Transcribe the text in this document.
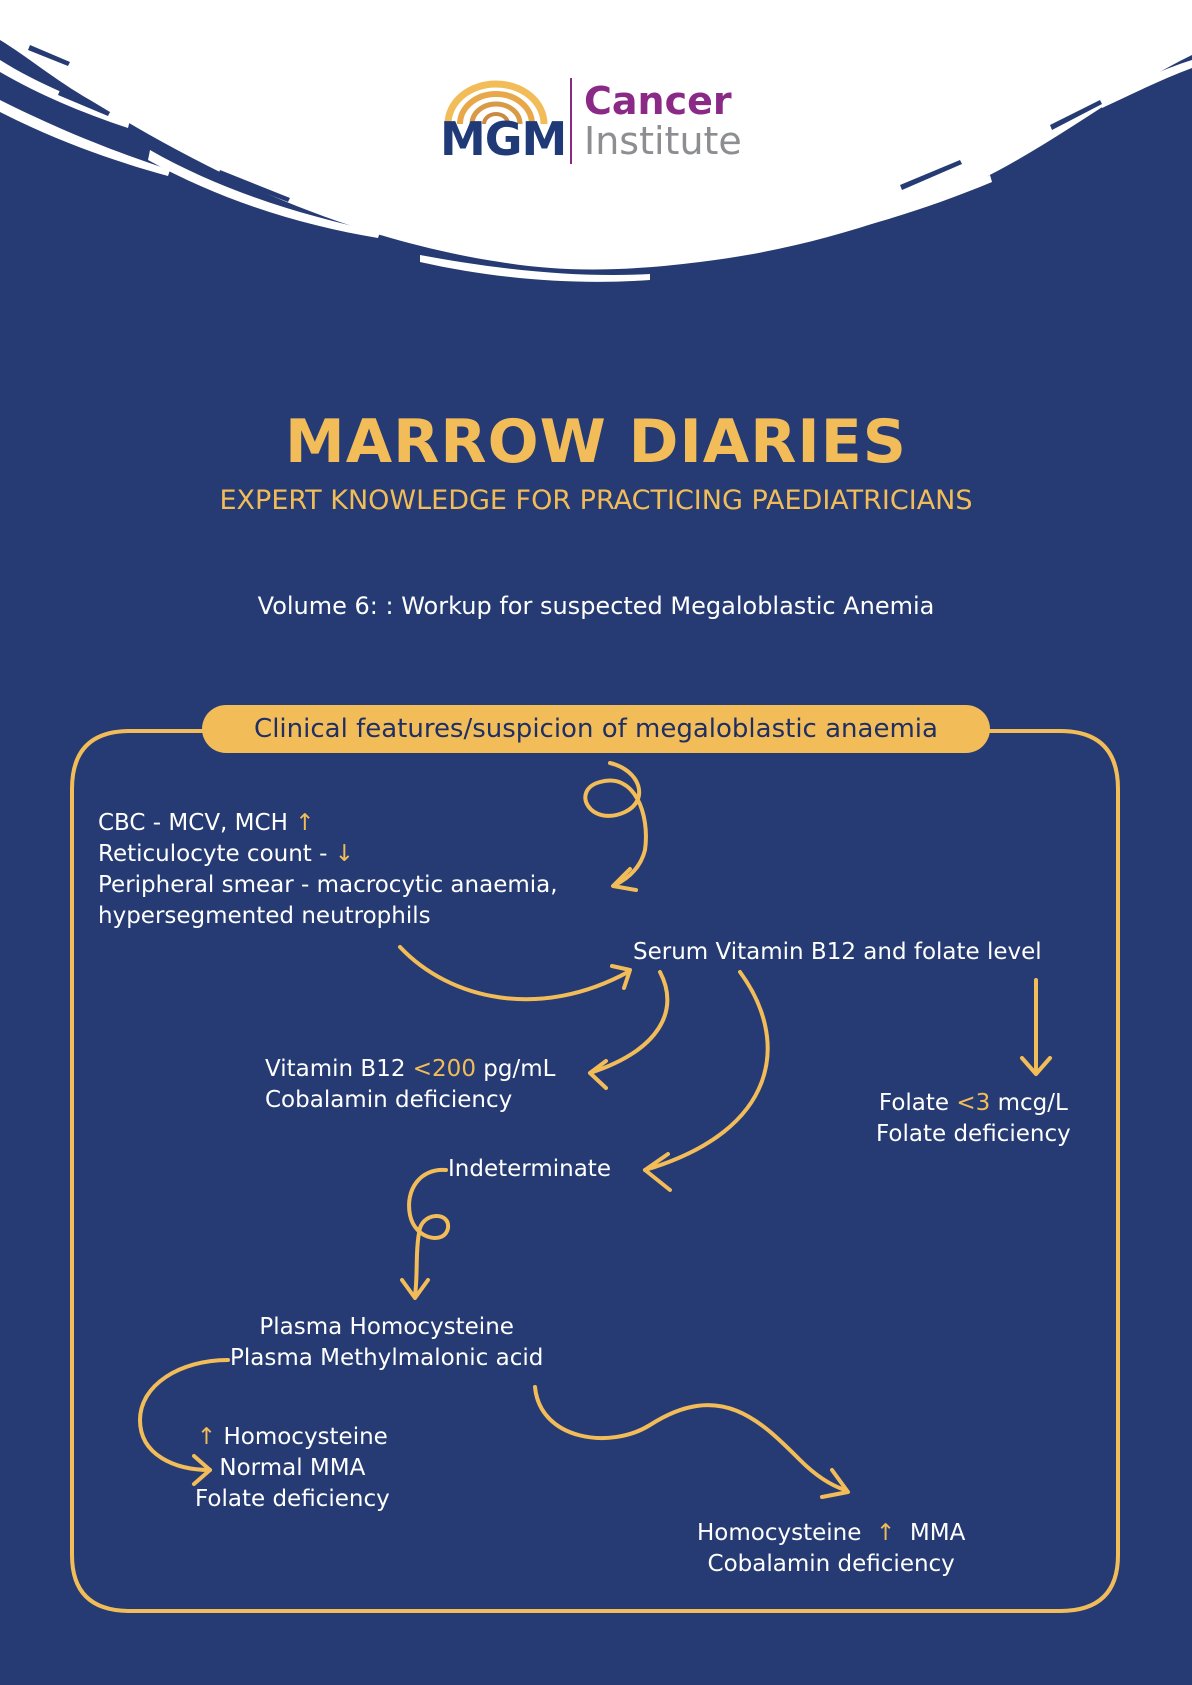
MGM
Cancer
Institute
MARROW DIARIES
EXPERT KNOWLEDGE FOR PRACTICING PAEDIATRICIANS
Volume 6: : Workup for suspected Megaloblastic Anemia
Clinical features/suspicion of megaloblastic anaemia
CBC - MCV, MCH ↑
Reticulocyte count - ↓
Peripheral smear - macrocytic anaemia,
hypersegmented neutrophils
Serum Vitamin B12 and folate level
Vitamin B12 <200 pg/mL
Cobalamin deficiency	Folate <3 mcg/L
Folate deficiency
Indeterminate
Plasma Homocysteine
Plasma Methylmalonic acid
↑ Homocysteine
Normal MMA
Folate deficiency
Homocysteine ↑ MMA
Cobalamin deficiency
